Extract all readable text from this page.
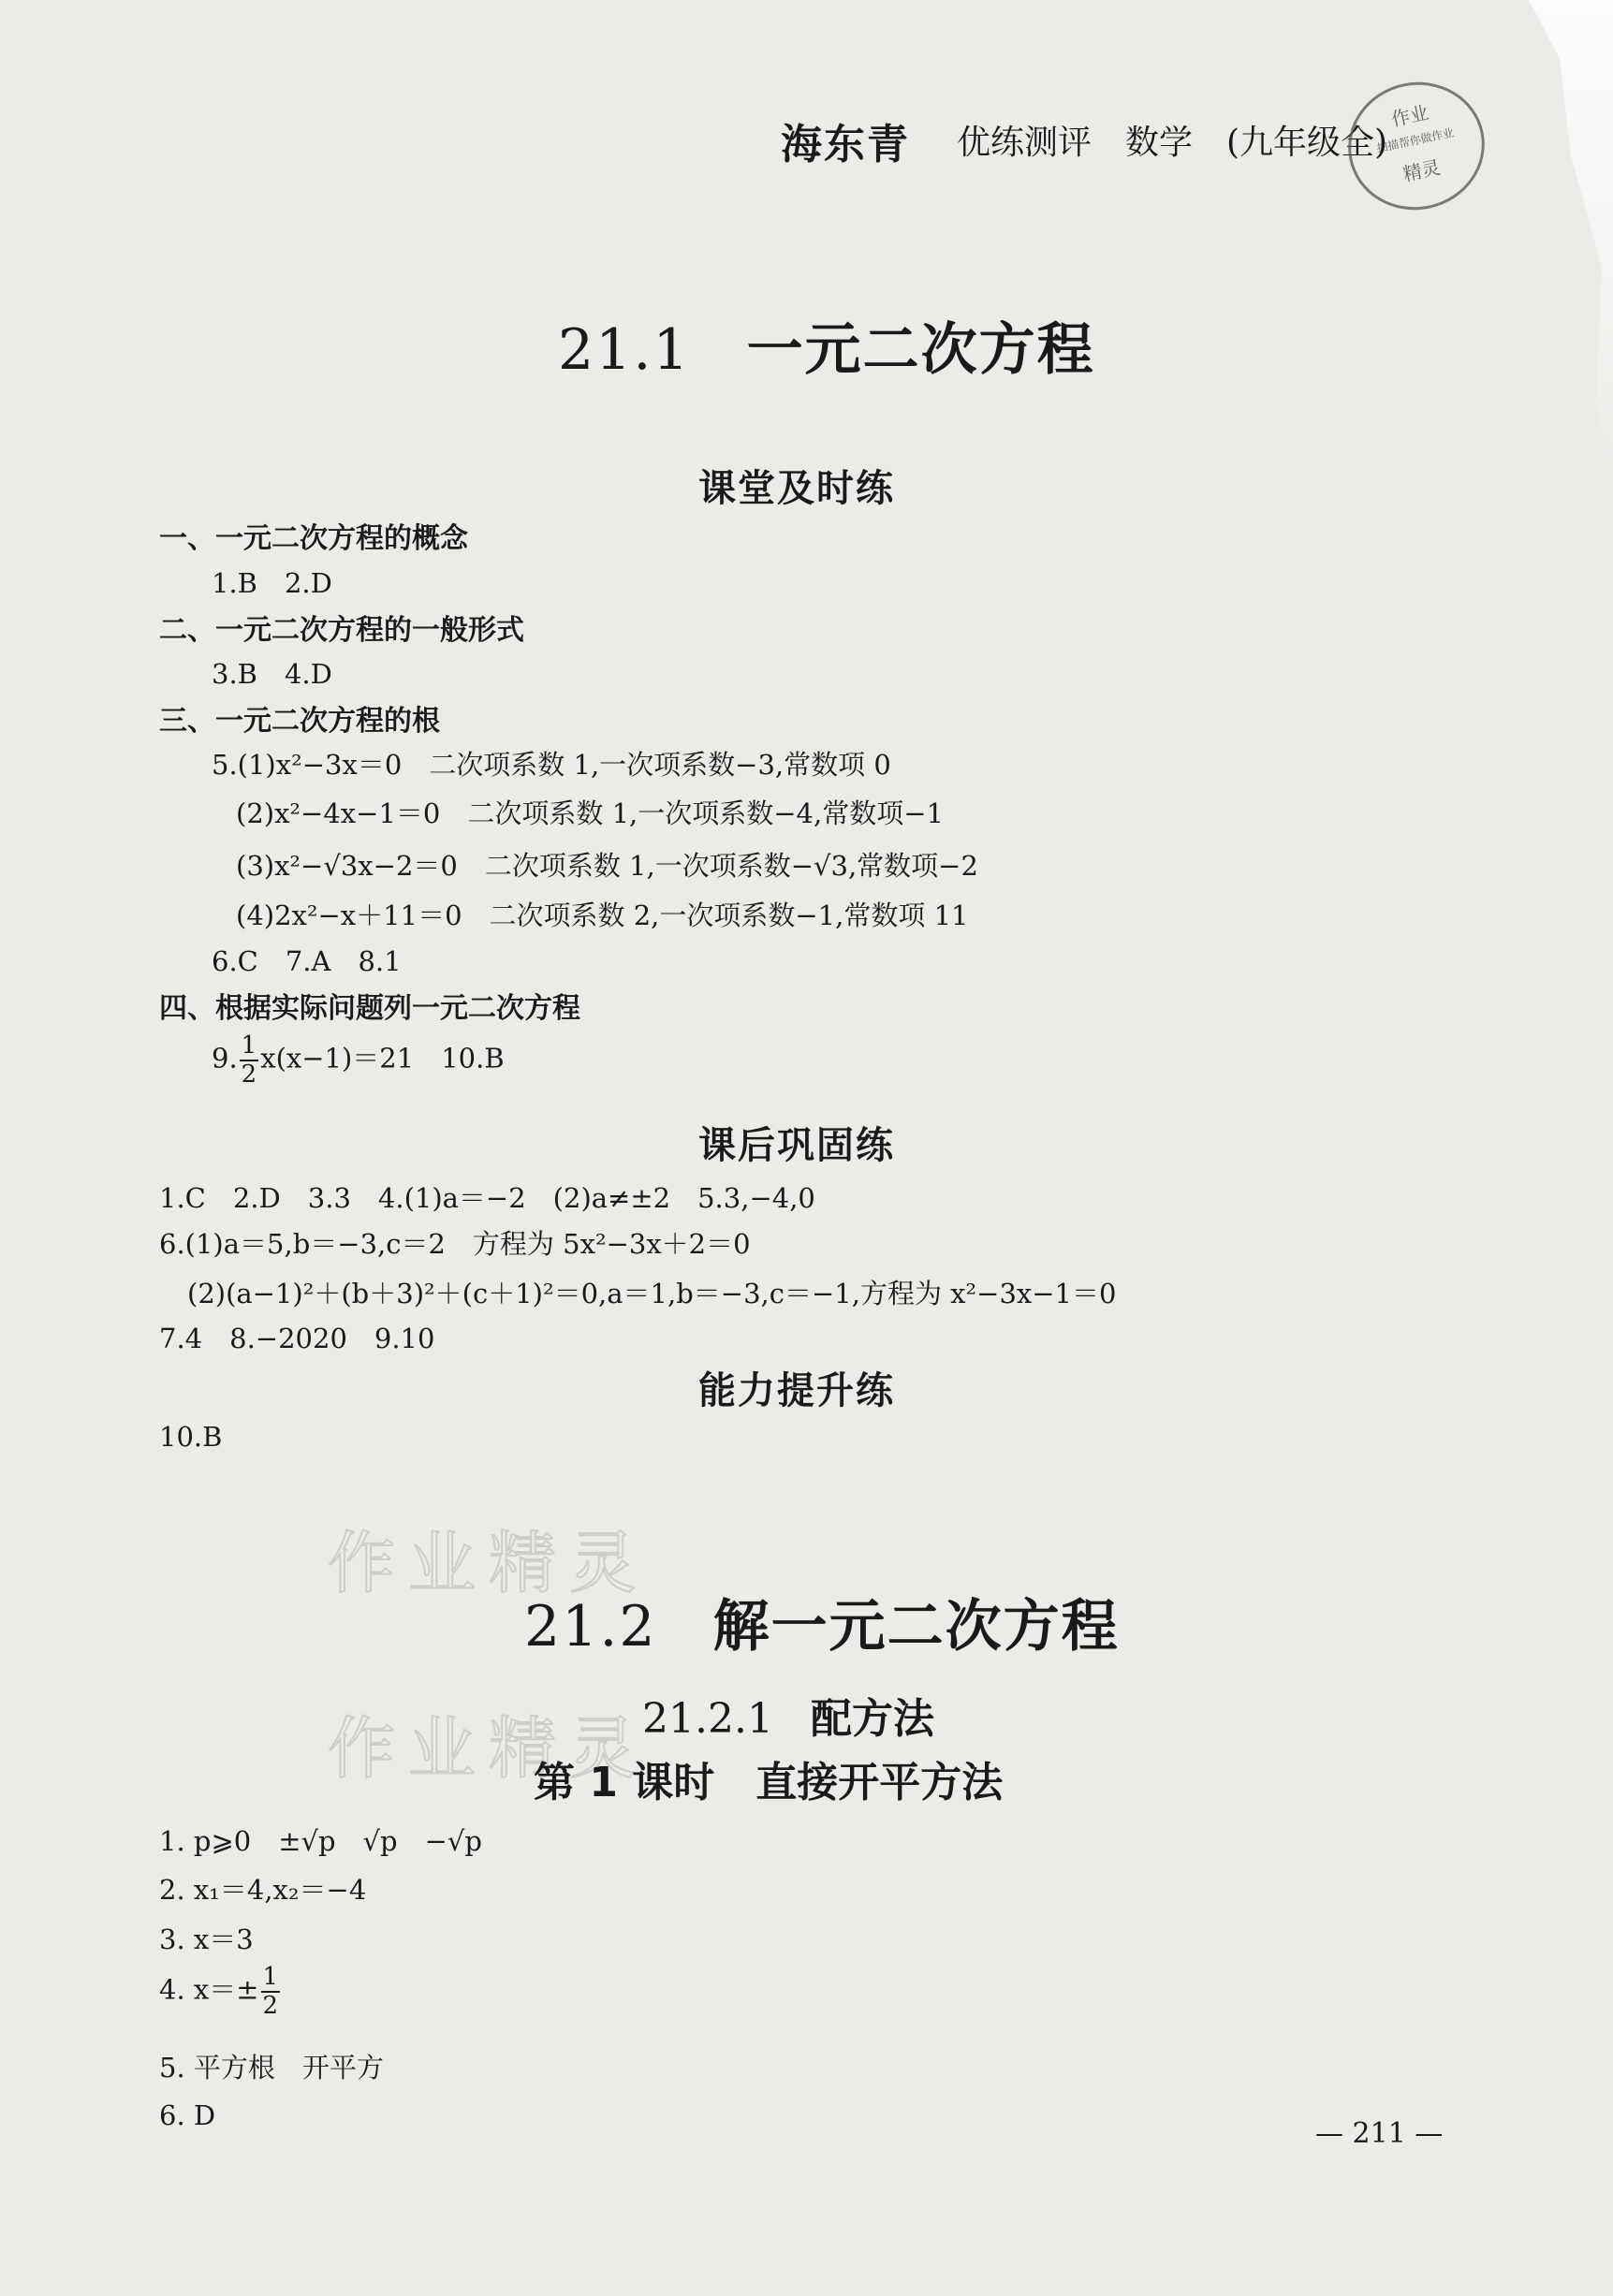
海东青 优练测评　数学　(九年级全)
作业
扫描帮你做作业
精灵
21.1 一元二次方程
课堂及时练
一、一元二次方程的概念
1.B　2.D
二、一元二次方程的一般形式
3.B　4.D
三、一元二次方程的根
5.(1)x²−3x＝0　二次项系数 1,一次项系数−3,常数项 0
(2)x²−4x−1＝0　二次项系数 1,一次项系数−4,常数项−1
(3)x²−√3x−2＝0　二次项系数 1,一次项系数−√3,常数项−2
(4)2x²−x＋11＝0　二次项系数 2,一次项系数−1,常数项 11
6.C　7.A　8.1
四、根据实际问题列一元二次方程
9. $\frac{1}{2} x(x-1)=21$　10.B
课后巩固练
1.C　2.D　3.3　4.(1)a＝−2　(2)a≠±2　5.3,−4,0
6.(1)a＝5,b＝−3,c＝2　方程为 5x²−3x＋2＝0
(2)(a−1)²＋(b＋3)²＋(c＋1)²＝0,a＝1,b＝−3,c＝−1,方程为 x²−3x−1＝0
7.4　8.−2020　9.10
能力提升练
10.B
作业精灵
作业精灵
21.2 解一元二次方程
21.2.1 配方法
第 1 课时　直接开平方法
1. p⩾0　±√p　√p　−√p
2. x₁＝4,x₂＝−4
3. x＝3
4. $x=\pm \frac{1}{2}$
5. 平方根　开平方
6. D
— 211 —
